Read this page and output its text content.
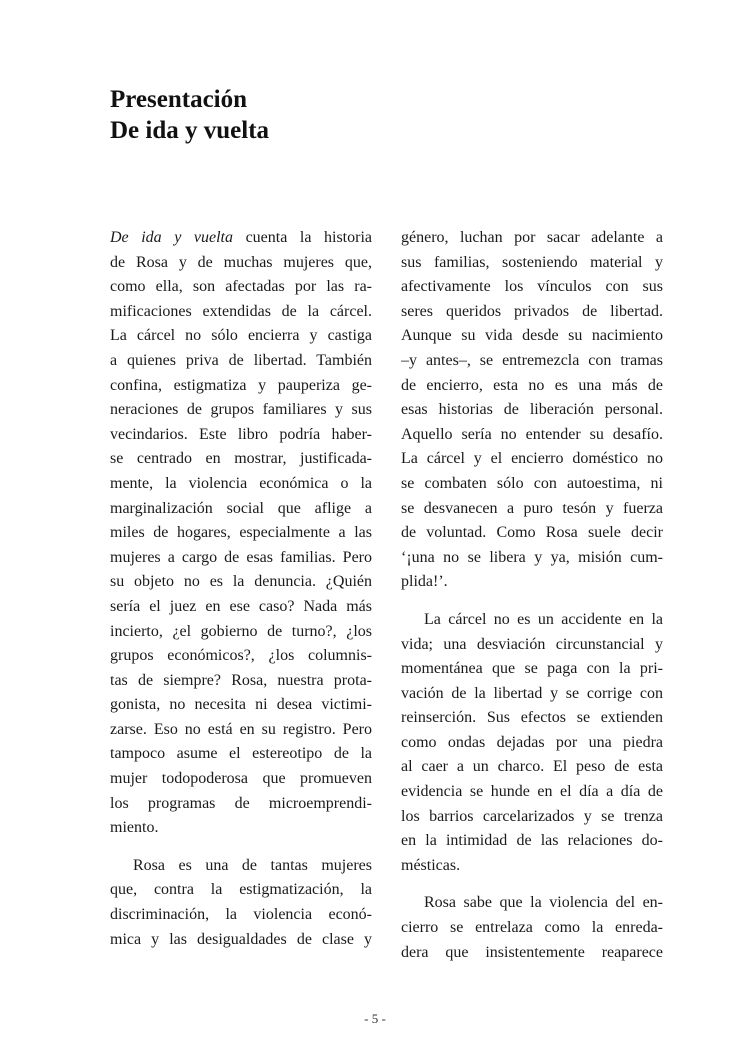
Presentación
De ida y vuelta
De ida y vuelta cuenta la historia
de Rosa y de muchas mujeres que,
como ella, son afectadas por las ra-
mificaciones extendidas de la cárcel.
La cárcel no sólo encierra y castiga
a quienes priva de libertad. También
confina, estigmatiza y pauperiza ge-
neraciones de grupos familiares y sus
vecindarios. Este libro podría haber-
se centrado en mostrar, justificada-
mente, la violencia económica o la
marginalización social que aflige a
miles de hogares, especialmente a las
mujeres a cargo de esas familias. Pero
su objeto no es la denuncia. ¿Quién
sería el juez en ese caso? Nada más
incierto, ¿el gobierno de turno?, ¿los
grupos económicos?, ¿los columnis-
tas de siempre? Rosa, nuestra prota-
gonista, no necesita ni desea victimi-
zarse. Eso no está en su registro. Pero
tampoco asume el estereotipo de la
mujer todopoderosa que promueven
los programas de microemprendi-
miento.
Rosa es una de tantas mujeres
que, contra la estigmatización, la
discriminación, la violencia econó-
mica y las desigualdades de clase y
género, luchan por sacar adelante a
sus familias, sosteniendo material y
afectivamente los vínculos con sus
seres queridos privados de libertad.
Aunque su vida desde su nacimiento
–y antes–, se entremezcla con tramas
de encierro, esta no es una más de
esas historias de liberación personal.
Aquello sería no entender su desafío.
La cárcel y el encierro doméstico no
se combaten sólo con autoestima, ni
se desvanecen a puro tesón y fuerza
de voluntad. Como Rosa suele decir
‘¡una no se libera y ya, misión cum-
plida!’.
La cárcel no es un accidente en la
vida; una desviación circunstancial y
momentánea que se paga con la pri-
vación de la libertad y se corrige con
reinserción. Sus efectos se extienden
como ondas dejadas por una piedra
al caer a un charco. El peso de esta
evidencia se hunde en el día a día de
los barrios carcelarizados y se trenza
en la intimidad de las relaciones do-
mésticas.
Rosa sabe que la violencia del en-
cierro se entrelaza como la enreda-
dera que insistentemente reaparece
- 5 -
